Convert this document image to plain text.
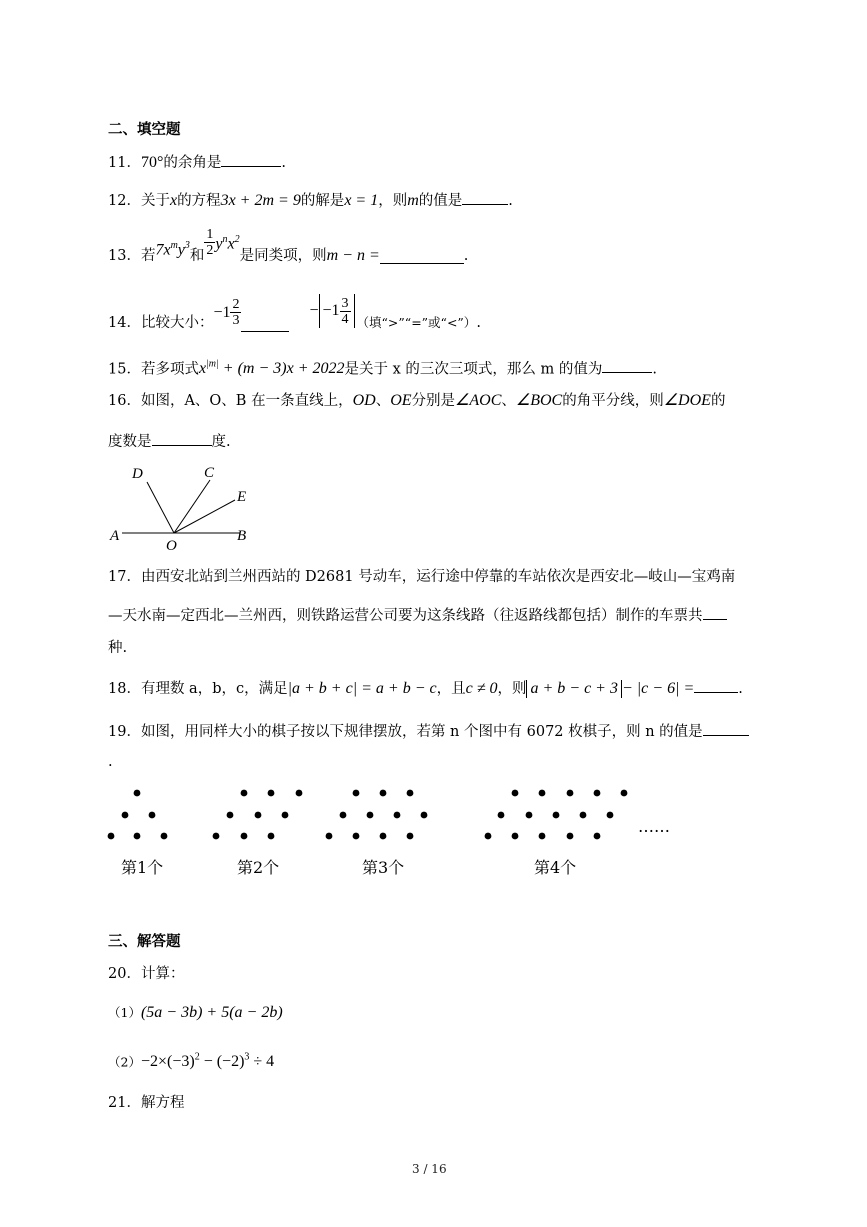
二、填空题
11．70°的余角是	.
12．关于x的方程3x + 2m = 9的解是x = 1，则m的值是	.
13． 若 $7x^my^3$
和 $\frac{1}{2} y^nx^2$
是同类项，则 m − n =	.
14． 比较大小：
$-1 \frac{2}{3}$	− $-1 \frac{3}{4}$ （填“>”“=”或“<”） .
15．若多项式$x^{|m|} + (m - 3)x + 2022$是关于 x 的三次三项式，那么 m 的值为	.
16．如图，A、O、B 在一条直线上，OD、OE分别是∠AOC、∠BOC的角平分线，则∠DOE的
度数是	度.
A
O
B
C
D
E
17．由西安北站到兰州西站的 D2681 号动车，运行途中停靠的车站依次是西安北—岐山—宝鸡南
—天水南—定西北—兰州西，则铁路运营公司要为这条线路（往返路线都包括）制作的车票共
种.
18．有理数 a，b，c，满足|a + b + c| = a + b − c，且c ≠ 0，则 a + b − c + 3 − |c − 6| =	.
19．如图，用同样大小的棋子按以下规律摆放，若第 n 个图中有 6072 枚棋子，则 n 的值是
.
……
第1个	第2个	第3个	第4个
三、解答题
20．计算：
（1）(5a − 3b) + 5(a − 2b)
$(2)-2\times(-3)^2 - (-2)^3 \div 4$
21．解方程
3 / 16
